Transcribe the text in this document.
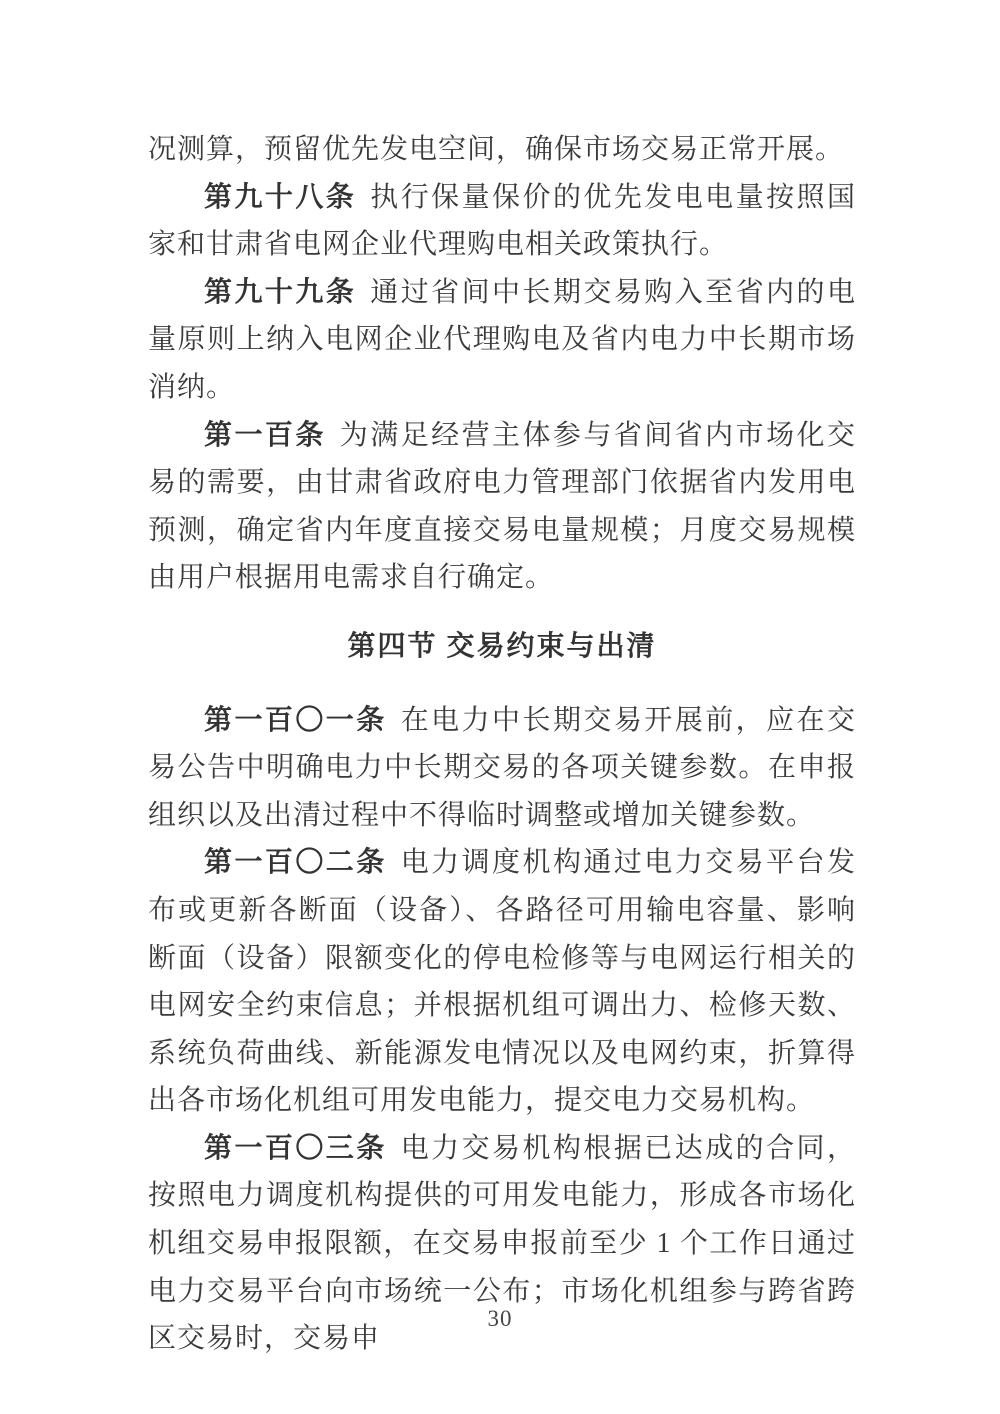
况测算，预留优先发电空间，确保市场交易正常开展。

第九十八条 执行保量保价的优先发电电量按照国家和甘肃省电网企业代理购电相关政策执行。

第九十九条 通过省间中长期交易购入至省内的电量原则上纳入电网企业代理购电及省内电力中长期市场消纳。

第一百条 为满足经营主体参与省间省内市场化交易的需要，由甘肃省政府电力管理部门依据省内发用电预测，确定省内年度直接交易电量规模；月度交易规模由用户根据用电需求自行确定。

第四节 交易约束与出清

第一百〇一条 在电力中长期交易开展前，应在交易公告中明确电力中长期交易的各项关键参数。在申报组织以及出清过程中不得临时调整或增加关键参数。

第一百〇二条 电力调度机构通过电力交易平台发布或更新各断面（设备）、各路径可用输电容量、影响断面（设备）限额变化的停电检修等与电网运行相关的电网安全约束信息；并根据机组可调出力、检修天数、系统负荷曲线、新能源发电情况以及电网约束，折算得出各市场化机组可用发电能力，提交电力交易机构。

第一百〇三条 电力交易机构根据已达成的合同，按照电力调度机构提供的可用发电能力，形成各市场化机组交易申报限额，在交易申报前至少 1 个工作日通过电力交易平台向市场统一公布；市场化机组参与跨省跨区交易时，交易申

30
